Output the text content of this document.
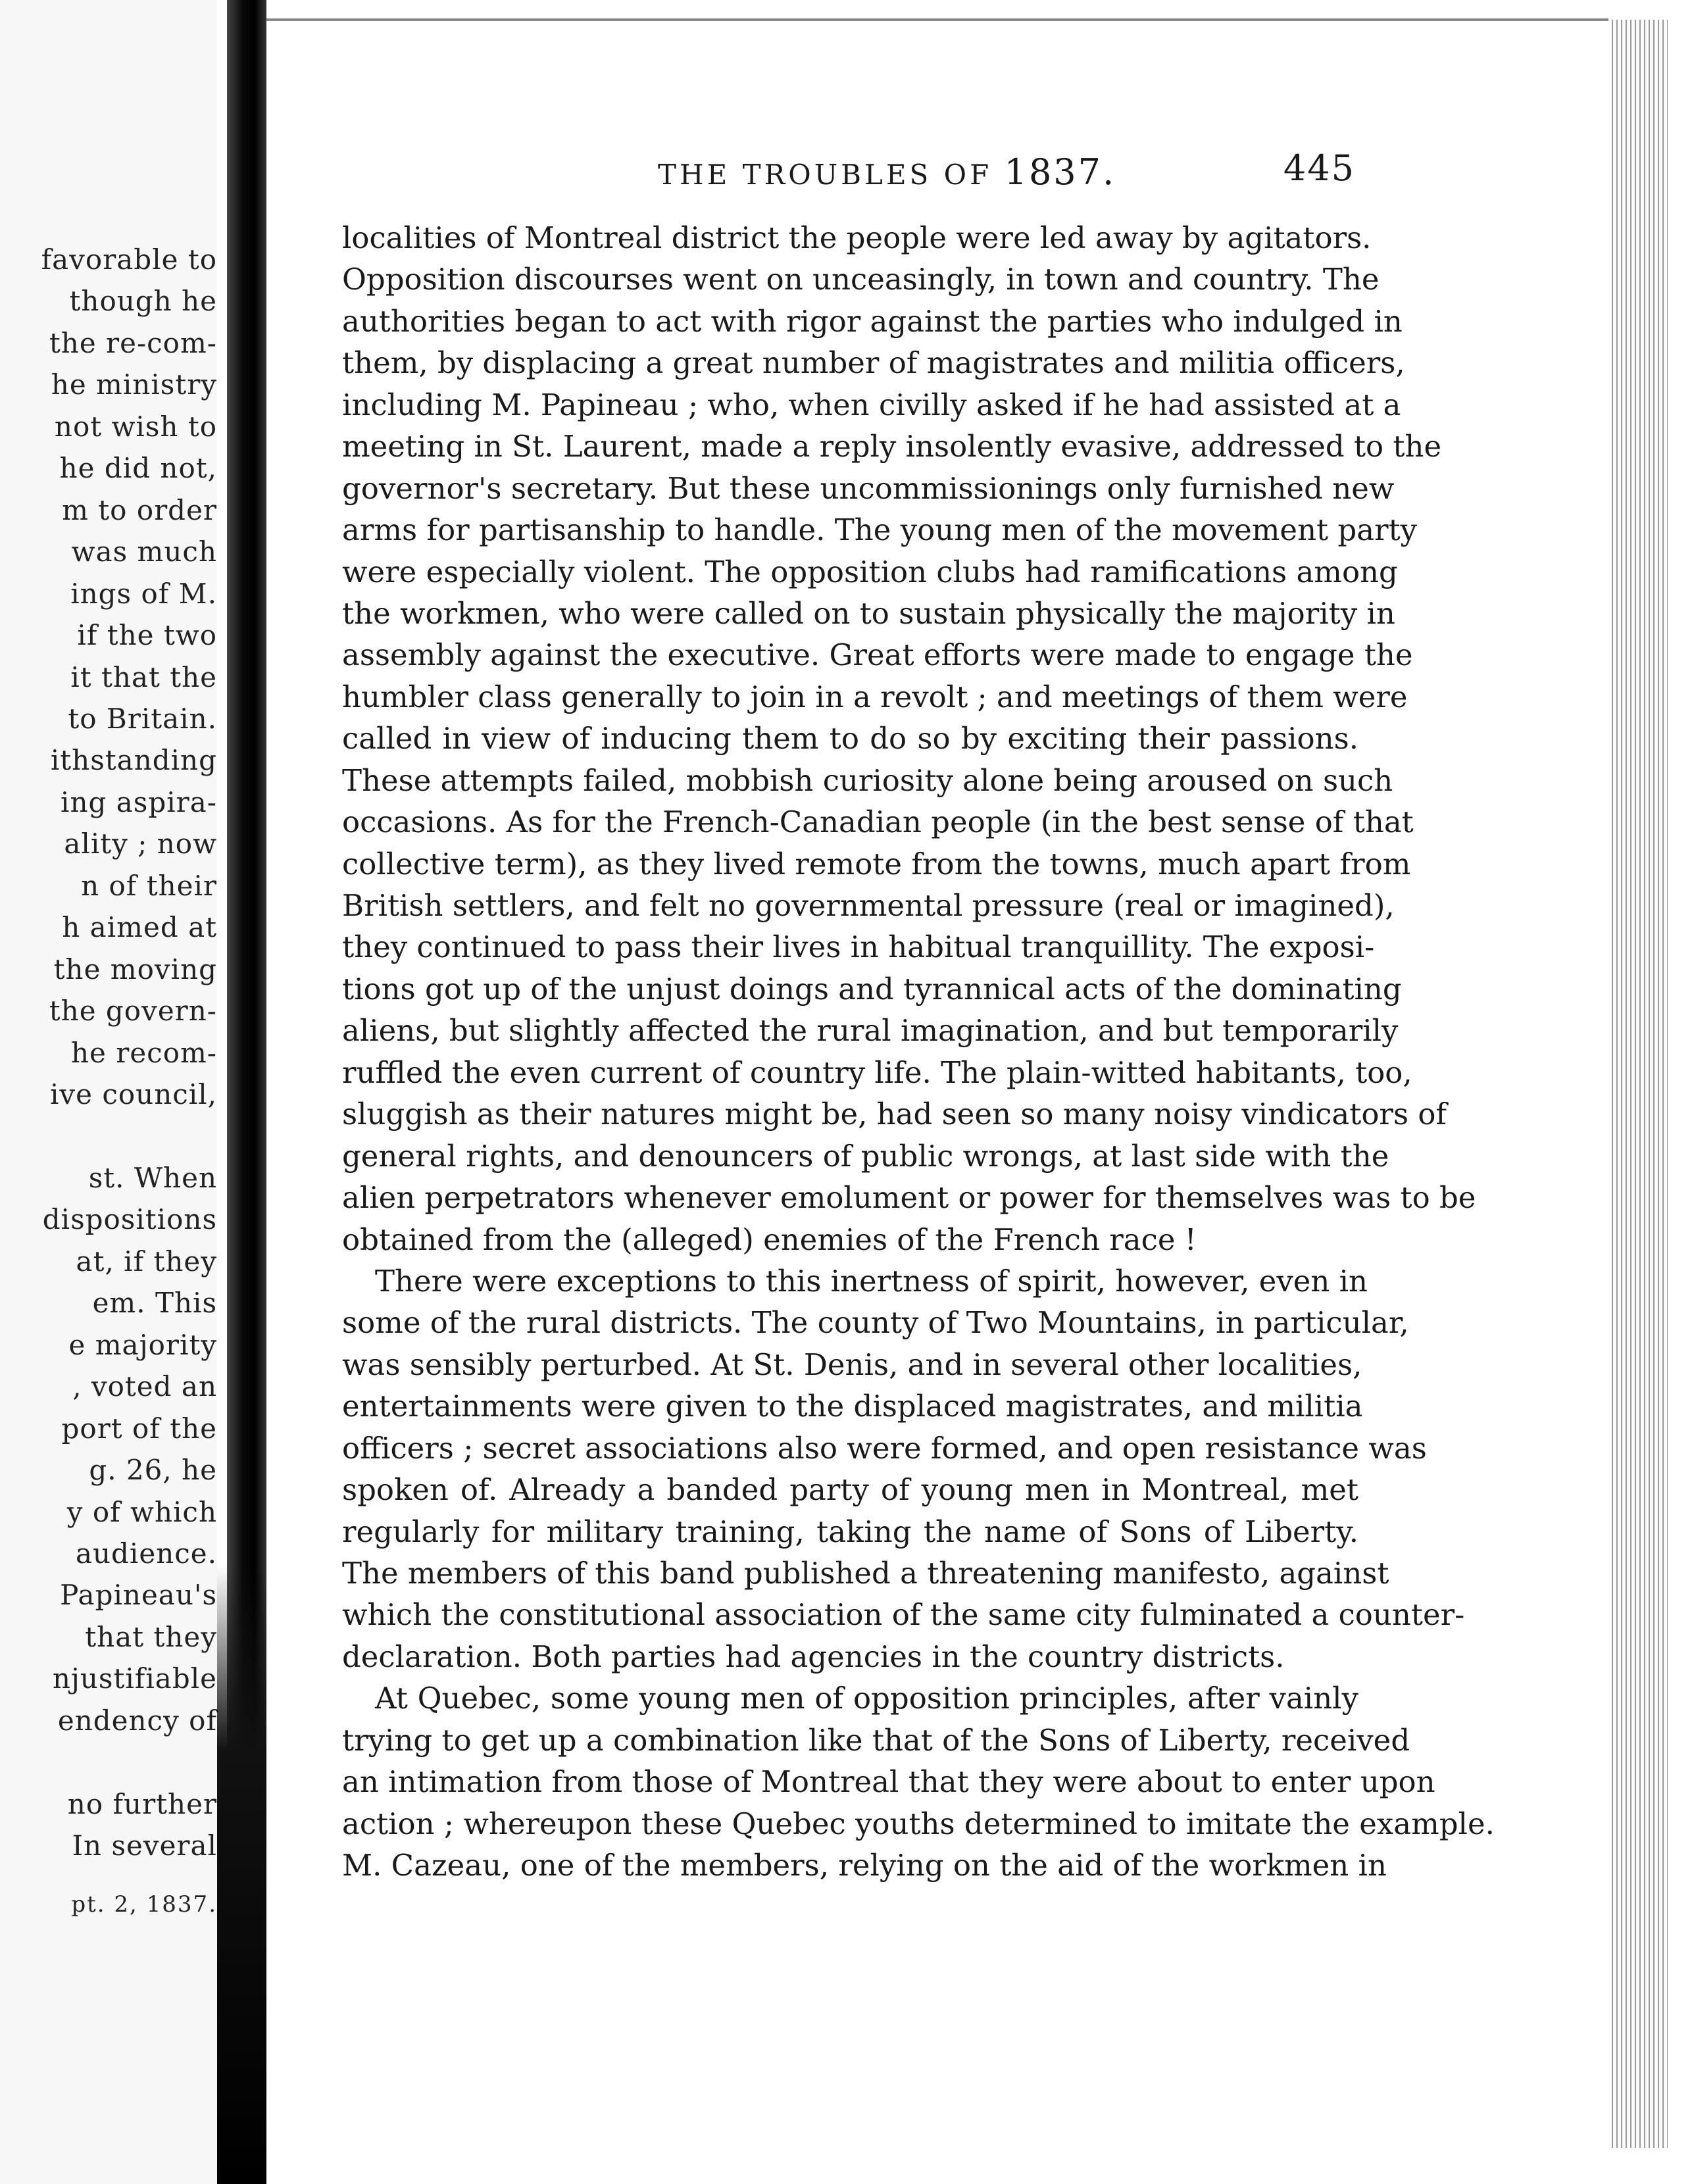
favorable to
though he
the re-com-
he ministry
not wish to
he did not,
m to order
was much
ings of M.
if the two
it that the
to Britain.
ithstanding
ing aspira-
ality ; now
n of their
h aimed at
the moving
the govern-
he recom-
ive council,
st. When
dispositions
at, if they
em. This
e majority
, voted an
port of the
g. 26, he
y of which
audience.
Papineau's
that they
njustifiable
endency of
no further
In several
pt. 2, 1837.
THE TROUBLES OF 1837.	445
localities of Montreal district the people were led away by agitators.
Opposition discourses went on unceasingly, in town and country. The
authorities began to act with rigor against the parties who indulged in
them, by displacing a great number of magistrates and militia officers,
including M. Papineau ; who, when civilly asked if he had assisted at a
meeting in St. Laurent, made a reply insolently evasive, addressed to the
governor's secretary. But these uncommissionings only furnished new
arms for partisanship to handle. The young men of the movement party
were especially violent. The opposition clubs had ramifications among
the workmen, who were called on to sustain physically the majority in
assembly against the executive. Great efforts were made to engage the
humbler class generally to join in a revolt ; and meetings of them were
called in view of inducing them to do so by exciting their passions.
These attempts failed, mobbish curiosity alone being aroused on such
occasions. As for the French-Canadian people (in the best sense of that
collective term), as they lived remote from the towns, much apart from
British settlers, and felt no governmental pressure (real or imagined),
they continued to pass their lives in habitual tranquillity. The exposi-
tions got up of the unjust doings and tyrannical acts of the dominating
aliens, but slightly affected the rural imagination, and but temporarily
ruffled the even current of country life. The plain-witted habitants, too,
sluggish as their natures might be, had seen so many noisy vindicators of
general rights, and denouncers of public wrongs, at last side with the
alien perpetrators whenever emolument or power for themselves was to be
obtained from the (alleged) enemies of the French race !
There were exceptions to this inertness of spirit, however, even in
some of the rural districts. The county of Two Mountains, in particular,
was sensibly perturbed. At St. Denis, and in several other localities,
entertainments were given to the displaced magistrates, and militia
officers ; secret associations also were formed, and open resistance was
spoken of. Already a banded party of young men in Montreal, met
regularly for military training, taking the name of Sons of Liberty.
The members of this band published a threatening manifesto, against
which the constitutional association of the same city fulminated a counter-
declaration. Both parties had agencies in the country districts.
At Quebec, some young men of opposition principles, after vainly
trying to get up a combination like that of the Sons of Liberty, received
an intimation from those of Montreal that they were about to enter upon
action ; whereupon these Quebec youths determined to imitate the example.
M. Cazeau, one of the members, relying on the aid of the workmen in
